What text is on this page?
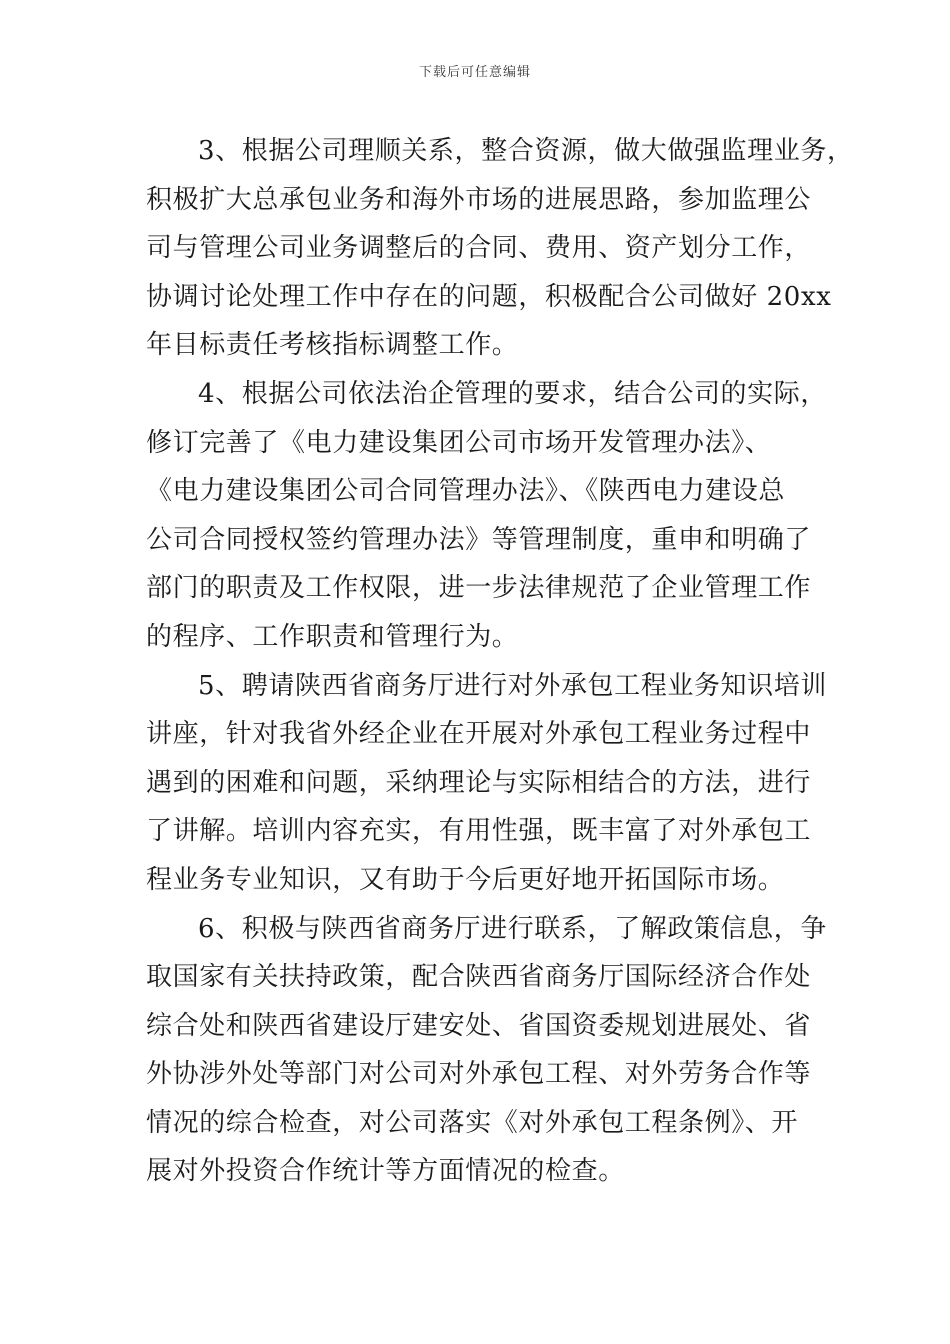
下载后可任意编辑
3、根据公司理顺关系，整合资源，做大做强监理业务，
积极扩大总承包业务和海外市场的进展思路，参加监理公
司与管理公司业务调整后的合同、费用、资产划分工作，
协调讨论处理工作中存在的问题，积极配合公司做好 20xx
年目标责任考核指标调整工作。
4、根据公司依法治企管理的要求，结合公司的实际，
修订完善了《电力建设集团公司市场开发管理办法》、
《电力建设集团公司合同管理办法》、《陕西电力建设总
公司合同授权签约管理办法》等管理制度，重申和明确了
部门的职责及工作权限，进一步法律规范了企业管理工作
的程序、工作职责和管理行为。
5、聘请陕西省商务厅进行对外承包工程业务知识培训
讲座，针对我省外经企业在开展对外承包工程业务过程中
遇到的困难和问题，采纳理论与实际相结合的方法，进行
了讲解。培训内容充实，有用性强，既丰富了对外承包工
程业务专业知识，又有助于今后更好地开拓国际市场。
6、积极与陕西省商务厅进行联系，了解政策信息，争
取国家有关扶持政策，配合陕西省商务厅国际经济合作处
综合处和陕西省建设厅建安处、省国资委规划进展处、省
外协涉外处等部门对公司对外承包工程、对外劳务合作等
情况的综合检查，对公司落实《对外承包工程条例》、开
展对外投资合作统计等方面情况的检查。
